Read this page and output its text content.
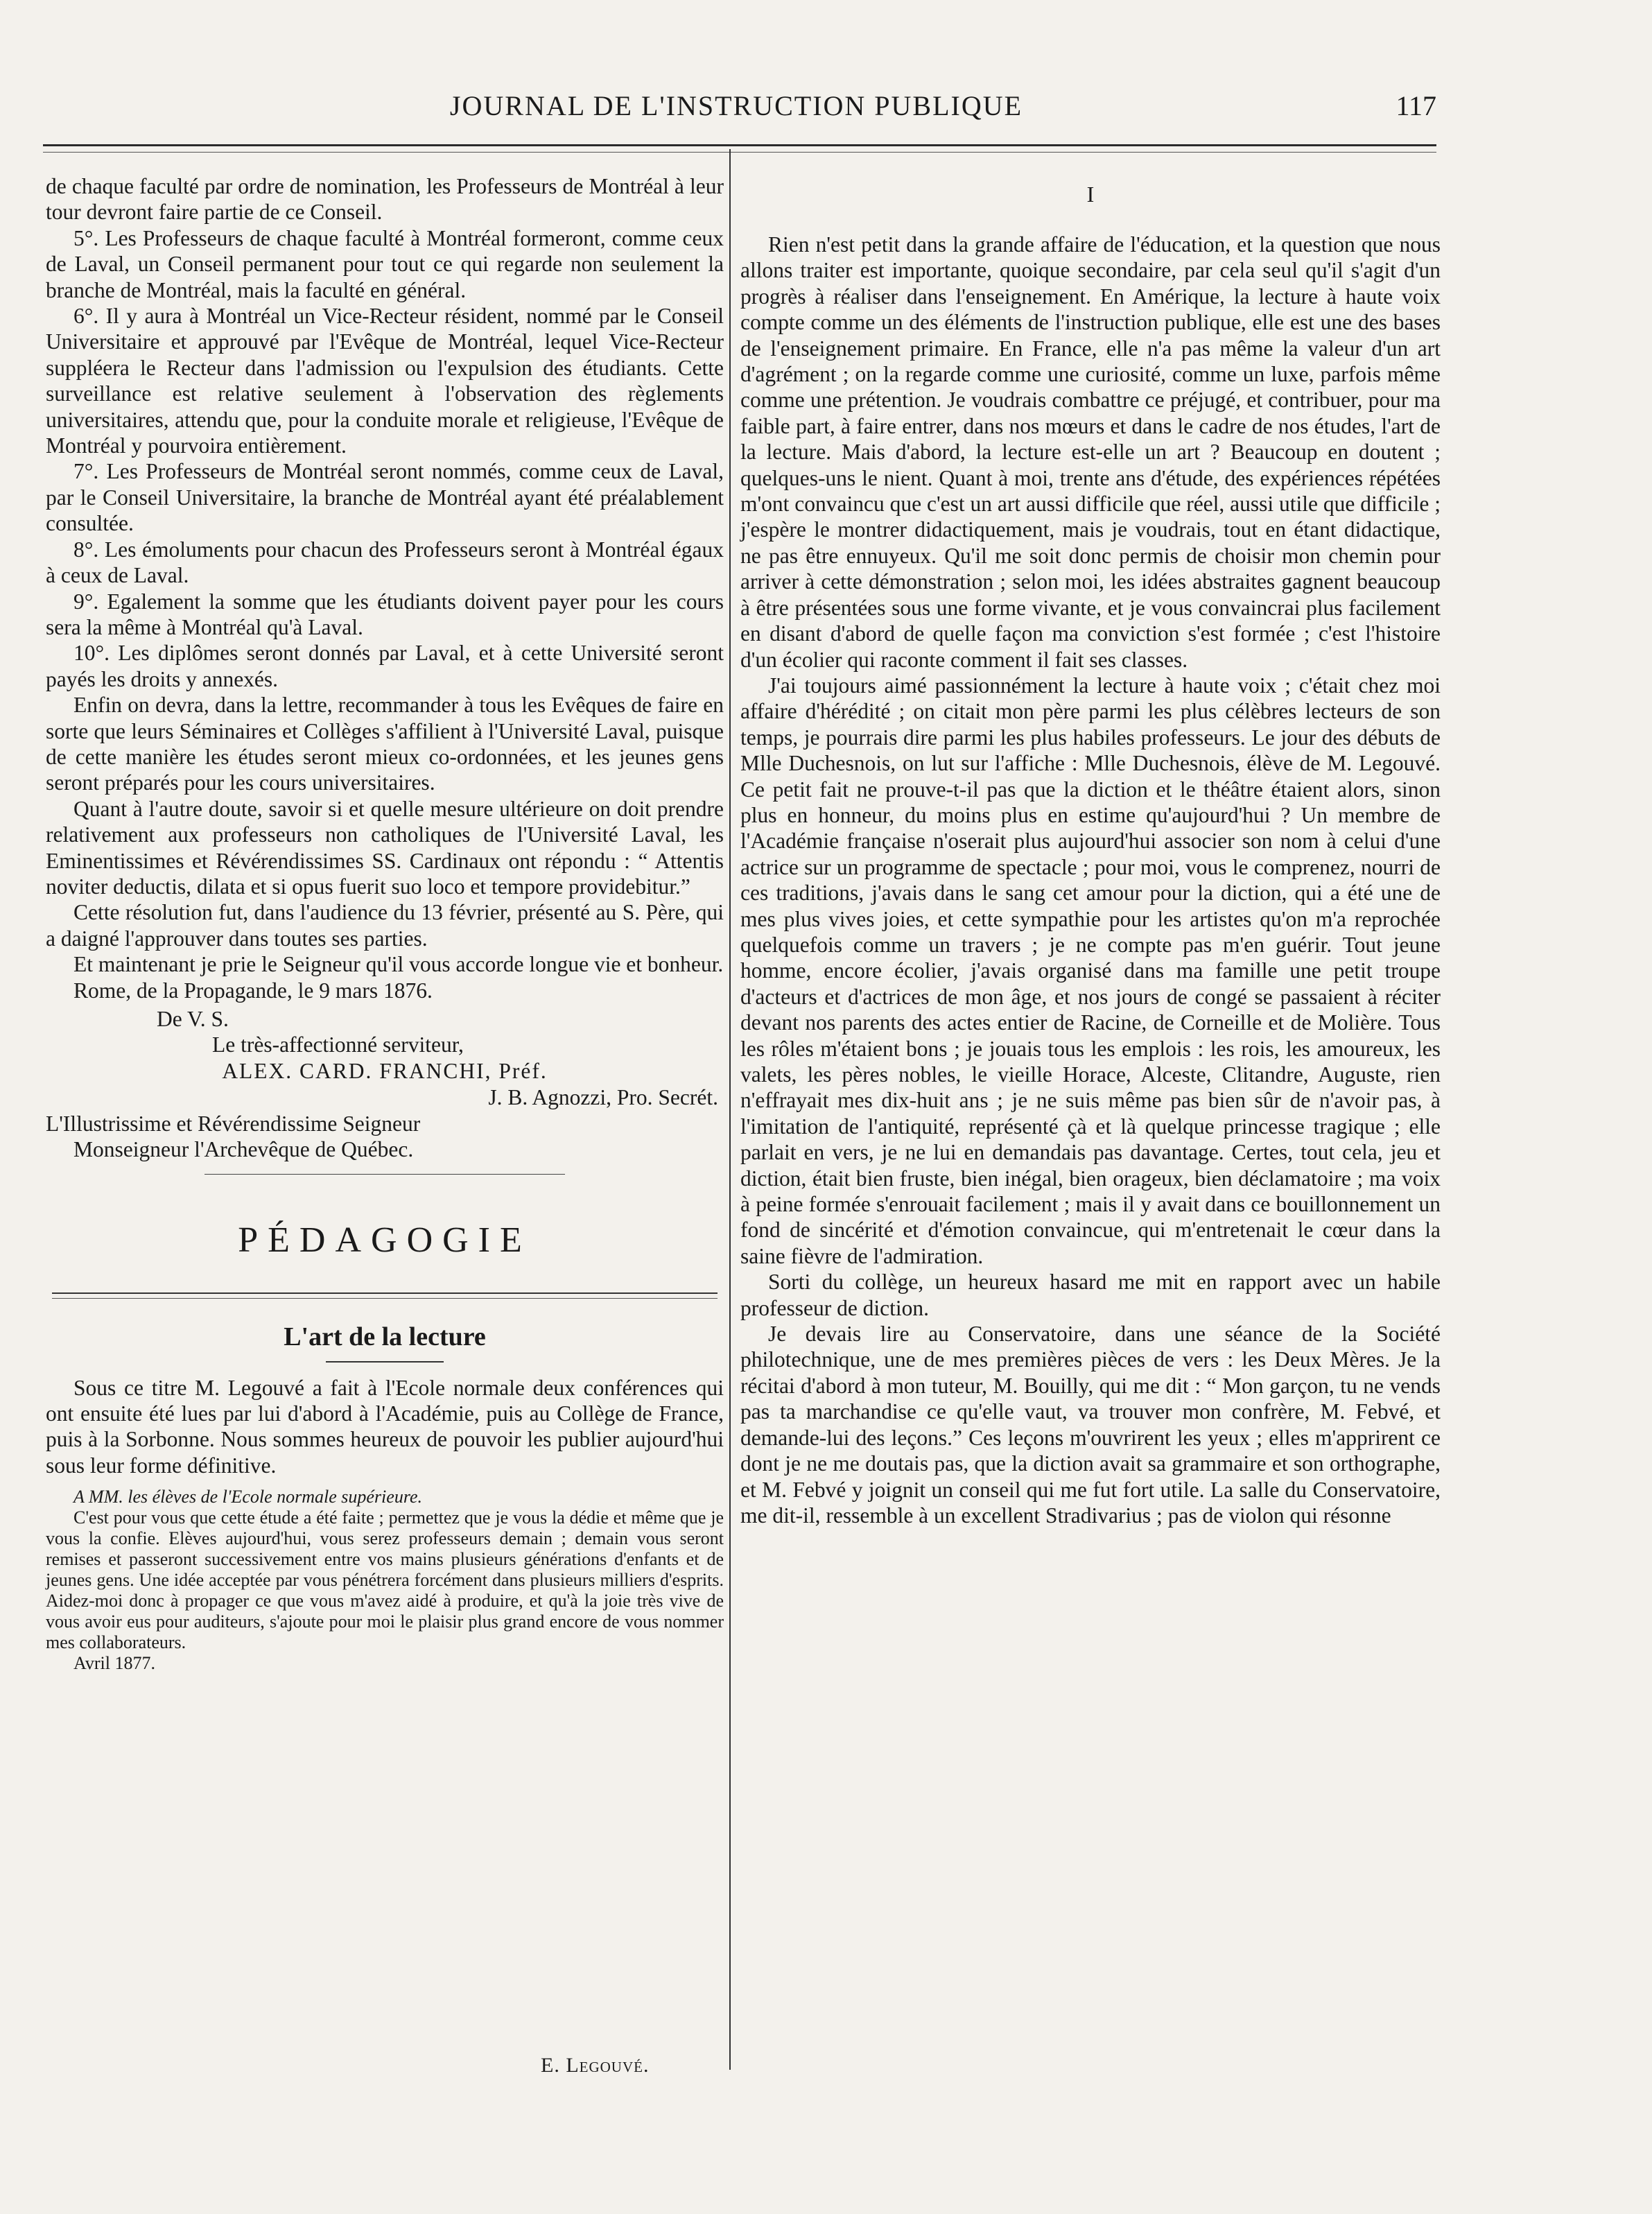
JOURNAL DE L'INSTRUCTION PUBLIQUE	117

de chaque faculté par ordre de nomination, les Professeurs de Montréal à leur tour devront faire partie de ce Conseil.

5°. Les Professeurs de chaque faculté à Montréal formeront, comme ceux de Laval, un Conseil permanent pour tout ce qui regarde non seulement la branche de Montréal, mais la faculté en général.

6°. Il y aura à Montréal un Vice-Recteur résident, nommé par le Conseil Universitaire et approuvé par l'Evêque de Montréal, lequel Vice-Recteur suppléera le Recteur dans l'admission ou l'expulsion des étudiants. Cette surveillance est relative seulement à l'observation des règlements universitaires, attendu que, pour la conduite morale et religieuse, l'Evêque de Montréal y pourvoira entièrement.

7°. Les Professeurs de Montréal seront nommés, comme ceux de Laval, par le Conseil Universitaire, la branche de Montréal ayant été préalablement consultée.

8°. Les émoluments pour chacun des Professeurs seront à Montréal égaux à ceux de Laval.

9°. Egalement la somme que les étudiants doivent payer pour les cours sera la même à Montréal qu'à Laval.

10°. Les diplômes seront donnés par Laval, et à cette Université seront payés les droits y annexés.

Enfin on devra, dans la lettre, recommander à tous les Evêques de faire en sorte que leurs Séminaires et Collèges s'affilient à l'Université Laval, puisque de cette manière les études seront mieux co-ordonnées, et les jeunes gens seront préparés pour les cours universitaires.

Quant à l'autre doute, savoir si et quelle mesure ultérieure on doit prendre relativement aux professeurs non catholiques de l'Université Laval, les Eminentissimes et Révérendissimes SS. Cardinaux ont répondu : “ Attentis noviter deductis, dilata et si opus fuerit suo loco et tempore providebitur.”

Cette résolution fut, dans l'audience du 13 février, présenté au S. Père, qui a daigné l'approuver dans toutes ses parties.

Et maintenant je prie le Seigneur qu'il vous accorde longue vie et bonheur.

Rome, de la Propagande, le 9 mars 1876.

De V. S.
Le très-affectionné serviteur,
ALEX. CARD. FRANCHI, Préf.
J. B. Agnozzi, Pro. Secrét.
L'Illustrissime et Révérendissime Seigneur
Monseigneur l'Archevêque de Québec.
PÉDAGOGIE
L'art de la lecture

Sous ce titre M. Legouvé a fait à l'Ecole normale deux conférences qui ont ensuite été lues par lui d'abord à l'Académie, puis au Collège de France, puis à la Sorbonne. Nous sommes heureux de pouvoir les publier aujourd'hui sous leur forme définitive.

A MM. les élèves de l'Ecole normale supérieure.

C'est pour vous que cette étude a été faite ; permettez que je vous la dédie et même que je vous la confie. Elèves aujourd'hui, vous serez professeurs demain ; demain vous seront remises et passeront successivement entre vos mains plusieurs générations d'enfants et de jeunes gens. Une idée acceptée par vous pénétrera forcément dans plusieurs milliers d'esprits. Aidez-moi donc à propager ce que vous m'avez aidé à produire, et qu'à la joie très vive de vous avoir eus pour auditeurs, s'ajoute pour moi le plaisir plus grand encore de vous nommer mes collaborateurs.

Avril 1877.
I

Rien n'est petit dans la grande affaire de l'éducation, et la question que nous allons traiter est importante, quoique secondaire, par cela seul qu'il s'agit d'un progrès à réaliser dans l'enseignement. En Amérique, la lecture à haute voix compte comme un des éléments de l'instruction publique, elle est une des bases de l'enseignement primaire. En France, elle n'a pas même la valeur d'un art d'agrément ; on la regarde comme une curiosité, comme un luxe, parfois même comme une prétention. Je voudrais combattre ce préjugé, et contribuer, pour ma faible part, à faire entrer, dans nos mœurs et dans le cadre de nos études, l'art de la lecture. Mais d'abord, la lecture est-elle un art ? Beaucoup en doutent ; quelques-uns le nient. Quant à moi, trente ans d'étude, des expériences répétées m'ont convaincu que c'est un art aussi difficile que réel, aussi utile que difficile ; j'espère le montrer didactiquement, mais je voudrais, tout en étant didactique, ne pas être ennuyeux. Qu'il me soit donc permis de choisir mon chemin pour arriver à cette démonstration ; selon moi, les idées abstraites gagnent beaucoup à être présentées sous une forme vivante, et je vous convaincrai plus facilement en disant d'abord de quelle façon ma conviction s'est formée ; c'est l'histoire d'un écolier qui raconte comment il fait ses classes.

J'ai toujours aimé passionnément la lecture à haute voix ; c'était chez moi affaire d'hérédité ; on citait mon père parmi les plus célèbres lecteurs de son temps, je pourrais dire parmi les plus habiles professeurs. Le jour des débuts de Mlle Duchesnois, on lut sur l'affiche : Mlle Duchesnois, élève de M. Legouvé. Ce petit fait ne prouve-t-il pas que la diction et le théâtre étaient alors, sinon plus en honneur, du moins plus en estime qu'aujourd'hui ? Un membre de l'Académie française n'oserait plus aujourd'hui associer son nom à celui d'une actrice sur un programme de spectacle ; pour moi, vous le comprenez, nourri de ces traditions, j'avais dans le sang cet amour pour la diction, qui a été une de mes plus vives joies, et cette sympathie pour les artistes qu'on m'a reprochée quelquefois comme un travers ; je ne compte pas m'en guérir. Tout jeune homme, encore écolier, j'avais organisé dans ma famille une petit troupe d'acteurs et d'actrices de mon âge, et nos jours de congé se passaient à réciter devant nos parents des actes entier de Racine, de Corneille et de Molière. Tous les rôles m'étaient bons ; je jouais tous les emplois : les rois, les amoureux, les valets, les pères nobles, le vieille Horace, Alceste, Clitandre, Auguste, rien n'effrayait mes dix-huit ans ; je ne suis même pas bien sûr de n'avoir pas, à l'imitation de l'antiquité, représenté çà et là quelque princesse tragique ; elle parlait en vers, je ne lui en demandais pas davantage. Certes, tout cela, jeu et diction, était bien fruste, bien inégal, bien orageux, bien déclamatoire ; ma voix à peine formée s'enrouait facilement ; mais il y avait dans ce bouillonnement un fond de sincérité et d'émotion convaincue, qui m'entretenait le cœur dans la saine fièvre de l'admiration.

Sorti du collège, un heureux hasard me mit en rapport avec un habile professeur de diction.

Je devais lire au Conservatoire, dans une séance de la Société philotechnique, une de mes premières pièces de vers : les Deux Mères. Je la récitai d'abord à mon tuteur, M. Bouilly, qui me dit : “ Mon garçon, tu ne vends pas ta marchandise ce qu'elle vaut, va trouver mon confrère, M. Febvé, et demande-lui des leçons.” Ces leçons m'ouvrirent les yeux ; elles m'apprirent ce dont je ne me doutais pas, que la diction avait sa grammaire et son orthographe, et M. Febvé y joignit un conseil qui me fut fort utile. La salle du Conservatoire, me dit-il, ressemble à un excellent Stradivarius ; pas de violon qui résonne

E. Legouvé.
